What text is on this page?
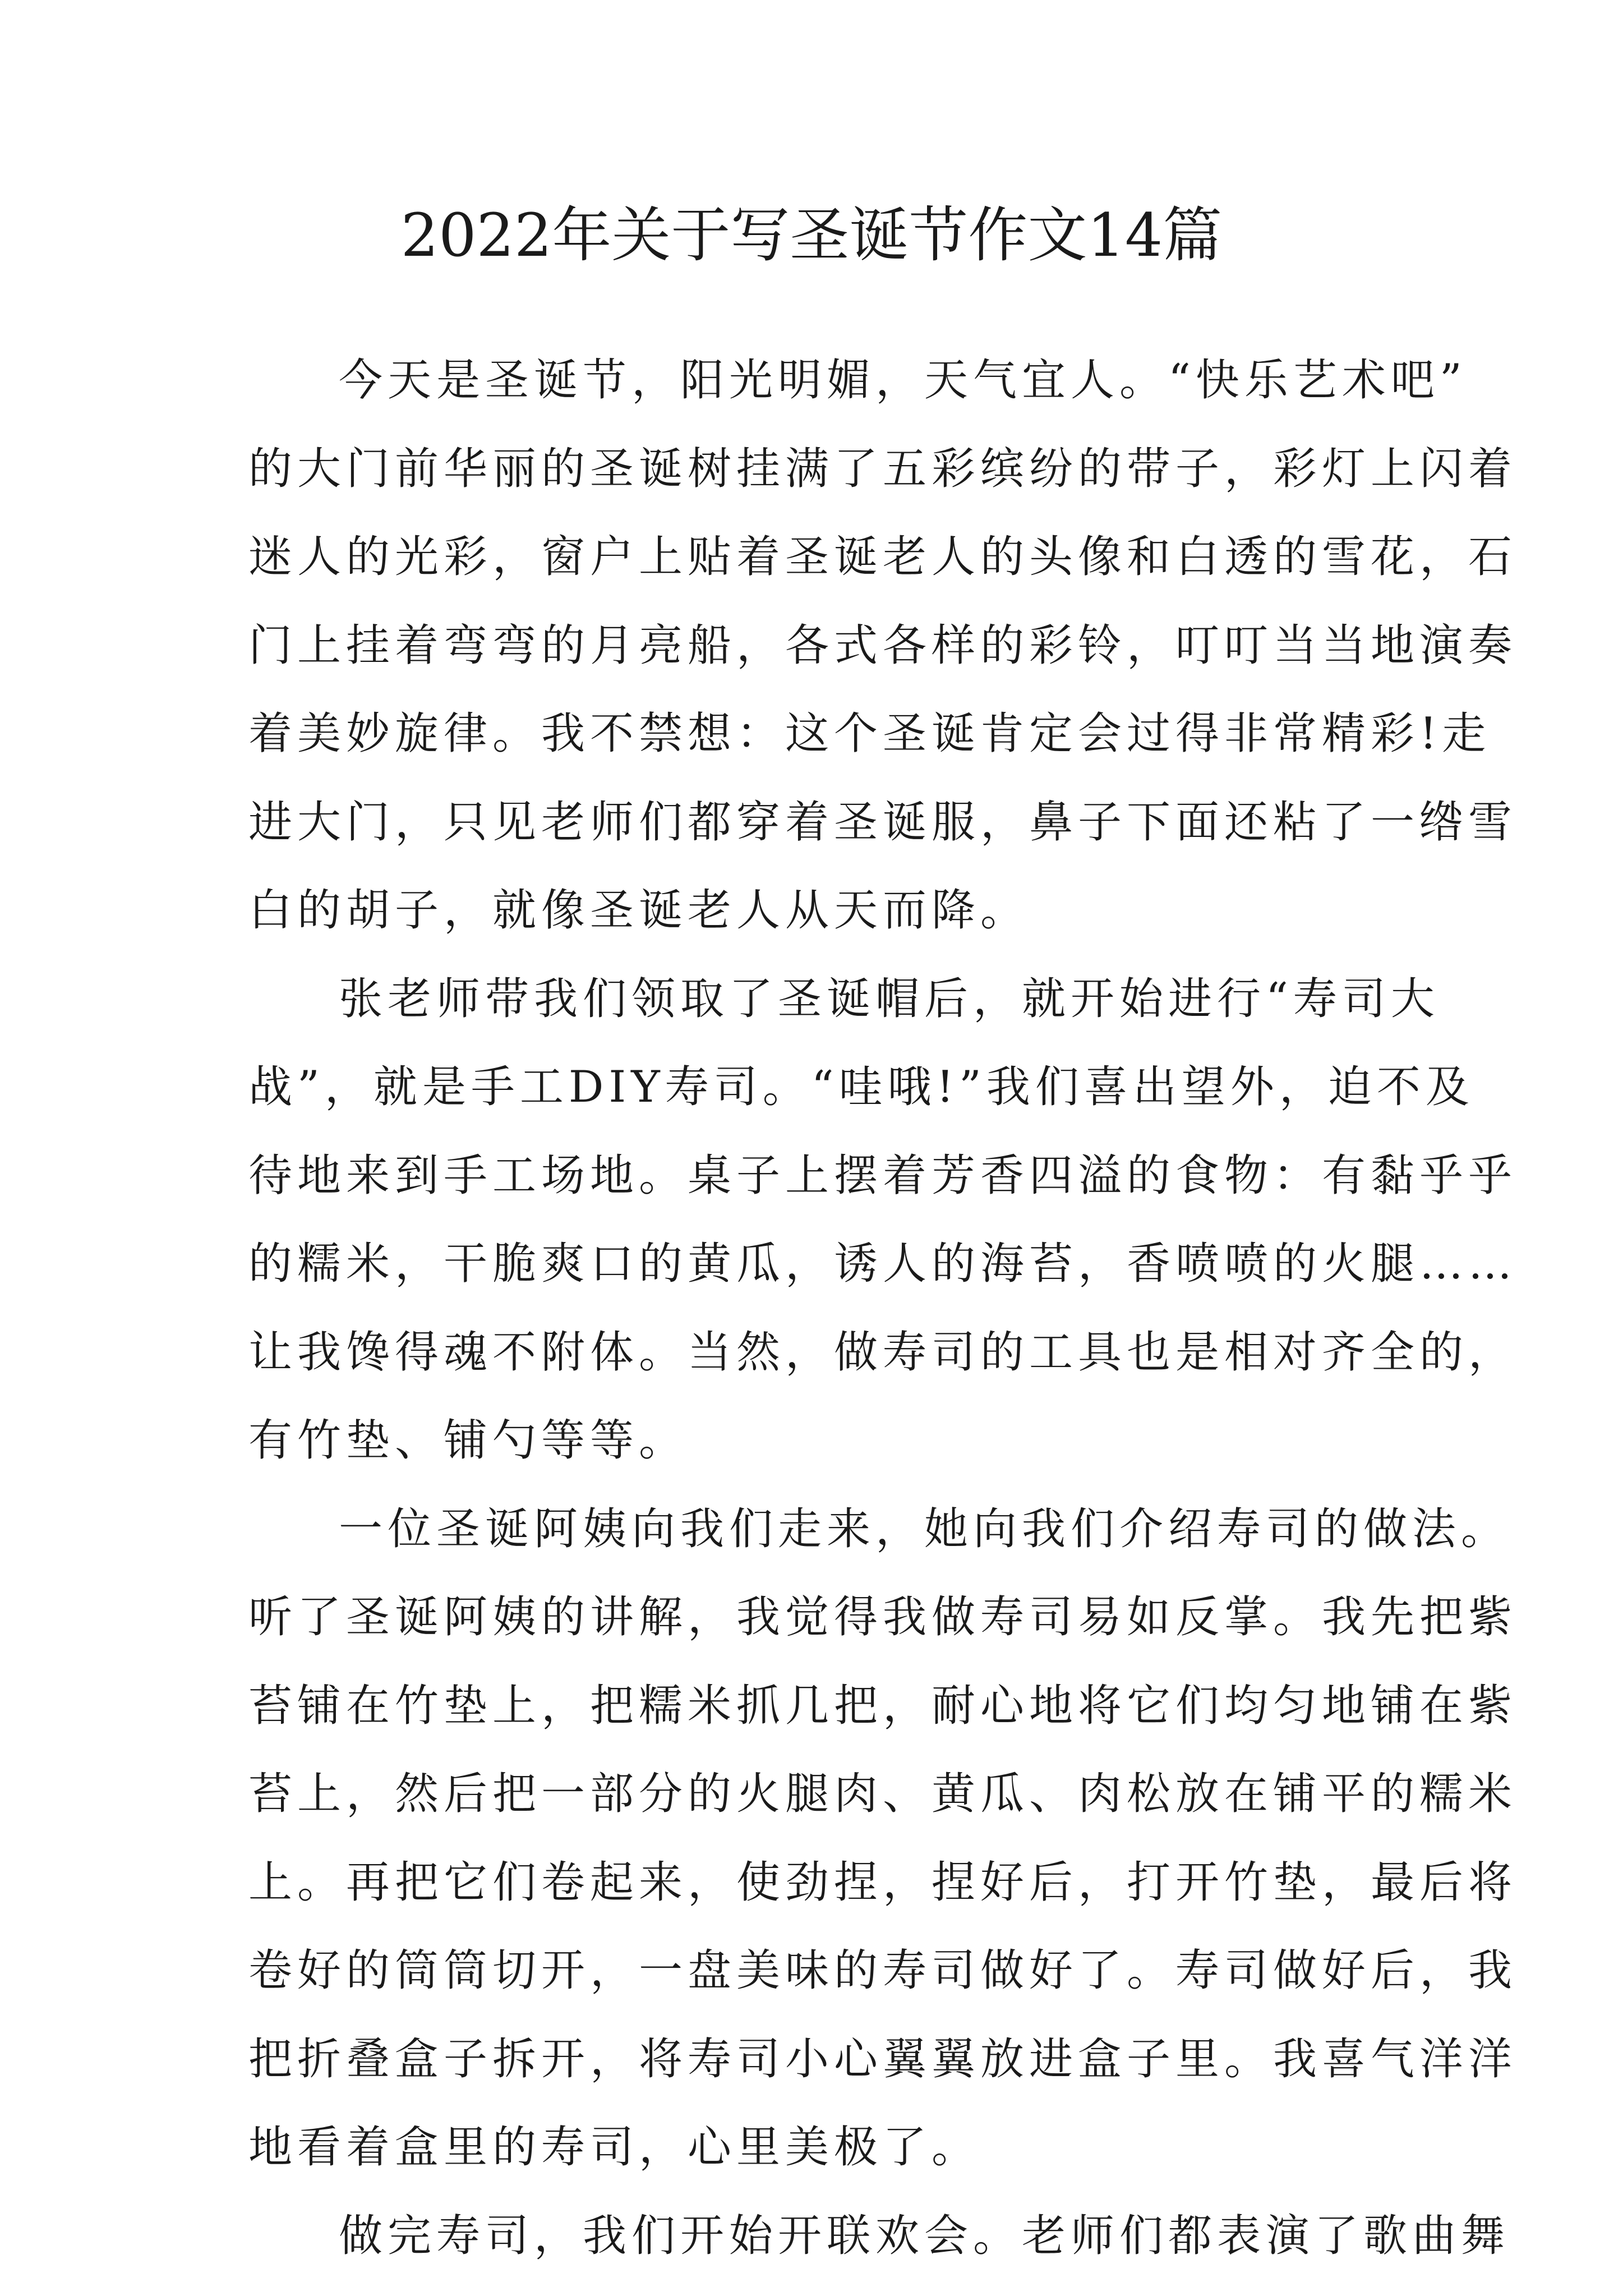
2022年关于写圣诞节作文14篇
今天是圣诞节，阳光明媚，天气宜人。“快乐艺术吧”
的大门前华丽的圣诞树挂满了五彩缤纷的带子，彩灯上闪着
迷人的光彩，窗户上贴着圣诞老人的头像和白透的雪花，石
门上挂着弯弯的月亮船，各式各样的彩铃，叮叮当当地演奏
着美妙旋律。我不禁想：这个圣诞肯定会过得非常精彩!走
进大门，只见老师们都穿着圣诞服，鼻子下面还粘了一绺雪
白的胡子，就像圣诞老人从天而降。
张老师带我们领取了圣诞帽后，就开始进行“寿司大
战”，就是手工DIY寿司。“哇哦!”我们喜出望外，迫不及
待地来到手工场地。桌子上摆着芳香四溢的食物：有黏乎乎
的糯米，干脆爽口的黄瓜，诱人的海苔，香喷喷的火腿……
让我馋得魂不附体。当然，做寿司的工具也是相对齐全的，
有竹垫、铺勺等等。
一位圣诞阿姨向我们走来，她向我们介绍寿司的做法。
听了圣诞阿姨的讲解，我觉得我做寿司易如反掌。我先把紫
苔铺在竹垫上，把糯米抓几把，耐心地将它们均匀地铺在紫
苔上，然后把一部分的火腿肉、黄瓜、肉松放在铺平的糯米
上。再把它们卷起来，使劲捏，捏好后，打开竹垫，最后将
卷好的筒筒切开，一盘美味的寿司做好了。寿司做好后，我
把折叠盒子拆开，将寿司小心翼翼放进盒子里。我喜气洋洋
地看着盒里的寿司，心里美极了。
做完寿司，我们开始开联欢会。老师们都表演了歌曲舞
